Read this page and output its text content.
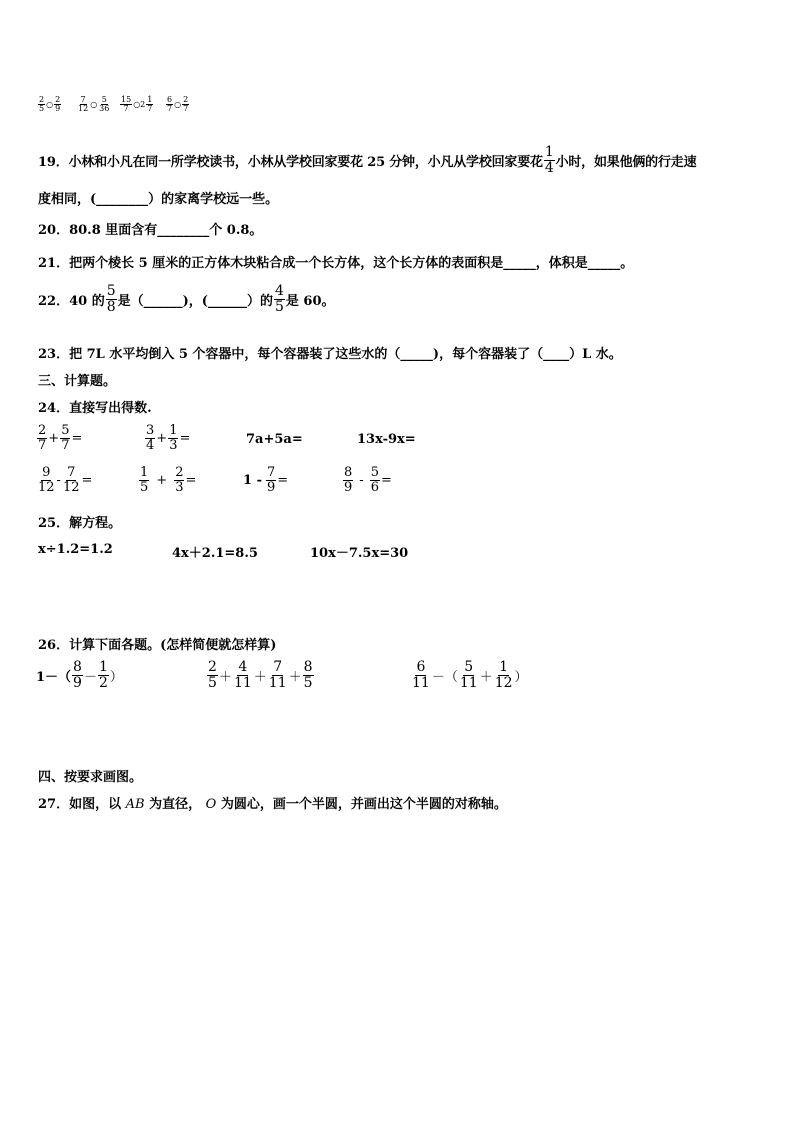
$\frac{2}{5}$ ○ $\frac{2}{9} \frac{7}{12}$ ○ $\frac{5}{36} \frac{15}{7}$ ○ $2 \frac{1}{7} \frac{6}{7}$ ○ $\frac{2}{7}$
19．小林和小凡在同一所学校读书，小林从学校回家要花 25 分钟，小凡从学校回家要花 $\frac{1}{4}$ 小时，如果他俩的行走速
度相同，(________）的家离学校远一些。
20．80.8 里面含有________个 0.8。
21．把两个棱长 5 厘米的正方体木块粘合成一个长方体，这个长方体的表面积是_____，体积是_____。
22．40 的 $\frac{5}{8}$ 是（______)，(______）的 $\frac{4}{5}$ 是 60。
23．把 7L 水平均倒入 5 个容器中，每个容器装了这些水的（_____)，每个容器装了（____）L 水。
三、计算题。
24．直接写出得数.
$\frac{2}{7} + \frac{5}{7}$ =	$\frac{3}{4} + \frac{1}{3}$ =	7a+5a=	13x-9x=
$\frac{9}{12} - \frac{7}{12}$ =	$\frac{1}{5} + \frac{2}{3}$ =	$1 - \frac{7}{9}$ =	$\frac{8}{9} - \frac{5}{6}$ =
25．解方程。
x÷1.2=1.2	4x＋2.1=8.5	10x－7.5x=30
26．计算下面各题。(怎样简便就怎样算)
$1-( \frac{8}{9} - \frac{1}{2}$ ）	$\frac{2}{5} + \frac{4}{11} + \frac{7}{11} + \frac{8}{5}$	$\frac{6}{11}$ －（ $\frac{5}{11} + \frac{1}{12}$ ）
四、按要求画图。
27．如图，以 AB 为直径， O 为圆心，画一个半圆，并画出这个半圆的对称轴。
